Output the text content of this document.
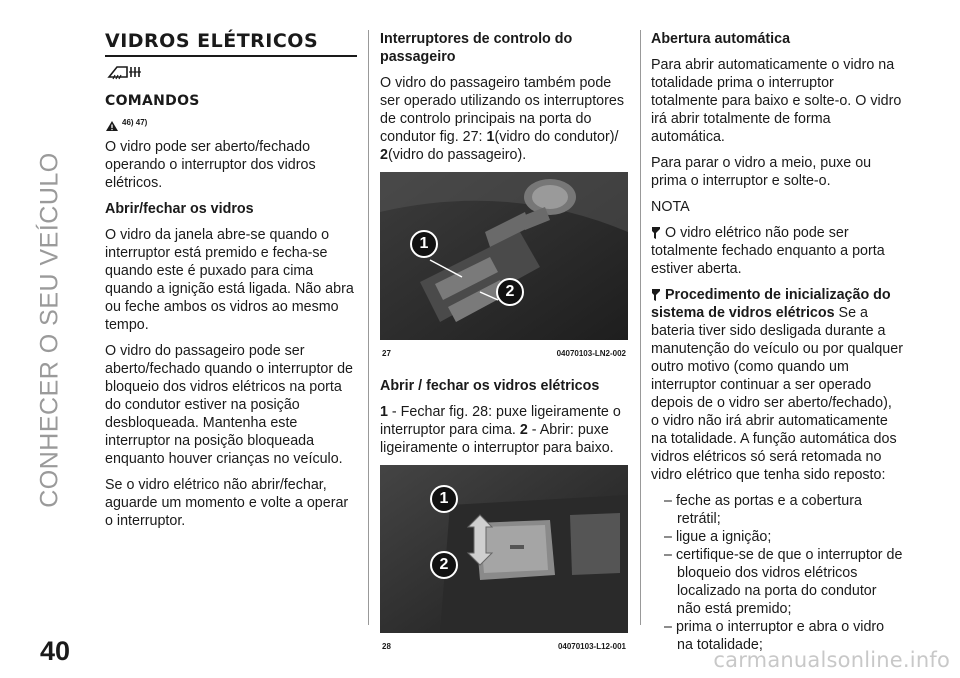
CONHECER O SEU VEÍCULO
40	carmanualsonline.info
VIDROS ELÉTRICOS
COMANDOS
46) 47)

O vidro pode ser aberto/fechado operando o interruptor dos vidros elétricos.

Abrir/fechar os vidros

O vidro da janela abre-se quando o interruptor está premido e fecha-se quando este é puxado para cima quando a ignição está ligada. Não abra ou feche ambos os vidros ao mesmo tempo.

O vidro do passageiro pode ser aberto/fechado quando o interruptor de bloqueio dos vidros elétricos na porta do condutor estiver na posição desbloqueada. Mantenha este interruptor na posição bloqueada enquanto houver crianças no veículo.

Se o vidro elétrico não abrir/fechar, aguarde um momento e volte a operar o interruptor.

Interruptores de controlo do passageiro

O vidro do passageiro também pode ser operado utilizando os interruptores de controlo principais na porta do condutor fig. 27: 1(vidro do condutor)/
2(vidro do passageiro).

1
2
27	04070103-LN2-002

Abrir / fechar os vidros elétricos

1 - Fechar fig. 28: puxe ligeiramente o interruptor para cima. 2 - Abrir: puxe ligeiramente o interruptor para baixo.

1
2
28	04070103-L12-001

Abertura automática

Para abrir automaticamente o vidro na totalidade prima o interruptor totalmente para baixo e solte-o. O vidro irá abrir totalmente de forma automática.

Para parar o vidro a meio, puxe ou prima o interruptor e solte-o.

NOTA

O vidro elétrico não pode ser totalmente fechado enquanto a porta estiver aberta.

Procedimento de inicialização do sistema de vidros elétricos Se a bateria tiver sido desligada durante a manutenção do veículo ou por qualquer outro motivo (como quando um interruptor continuar a ser operado depois de o vidro ser aberto/fechado), o vidro não irá abrir automaticamente na totalidade. A função automática dos vidros elétricos só será retomada no vidro elétrico que tenha sido reposto:

– feche as portas e a cobertura retrátil;
– ligue a ignição;
– certifique-se de que o interruptor de bloqueio dos vidros elétricos localizado na porta do condutor não está premido;
– prima o interruptor e abra o vidro na totalidade;
